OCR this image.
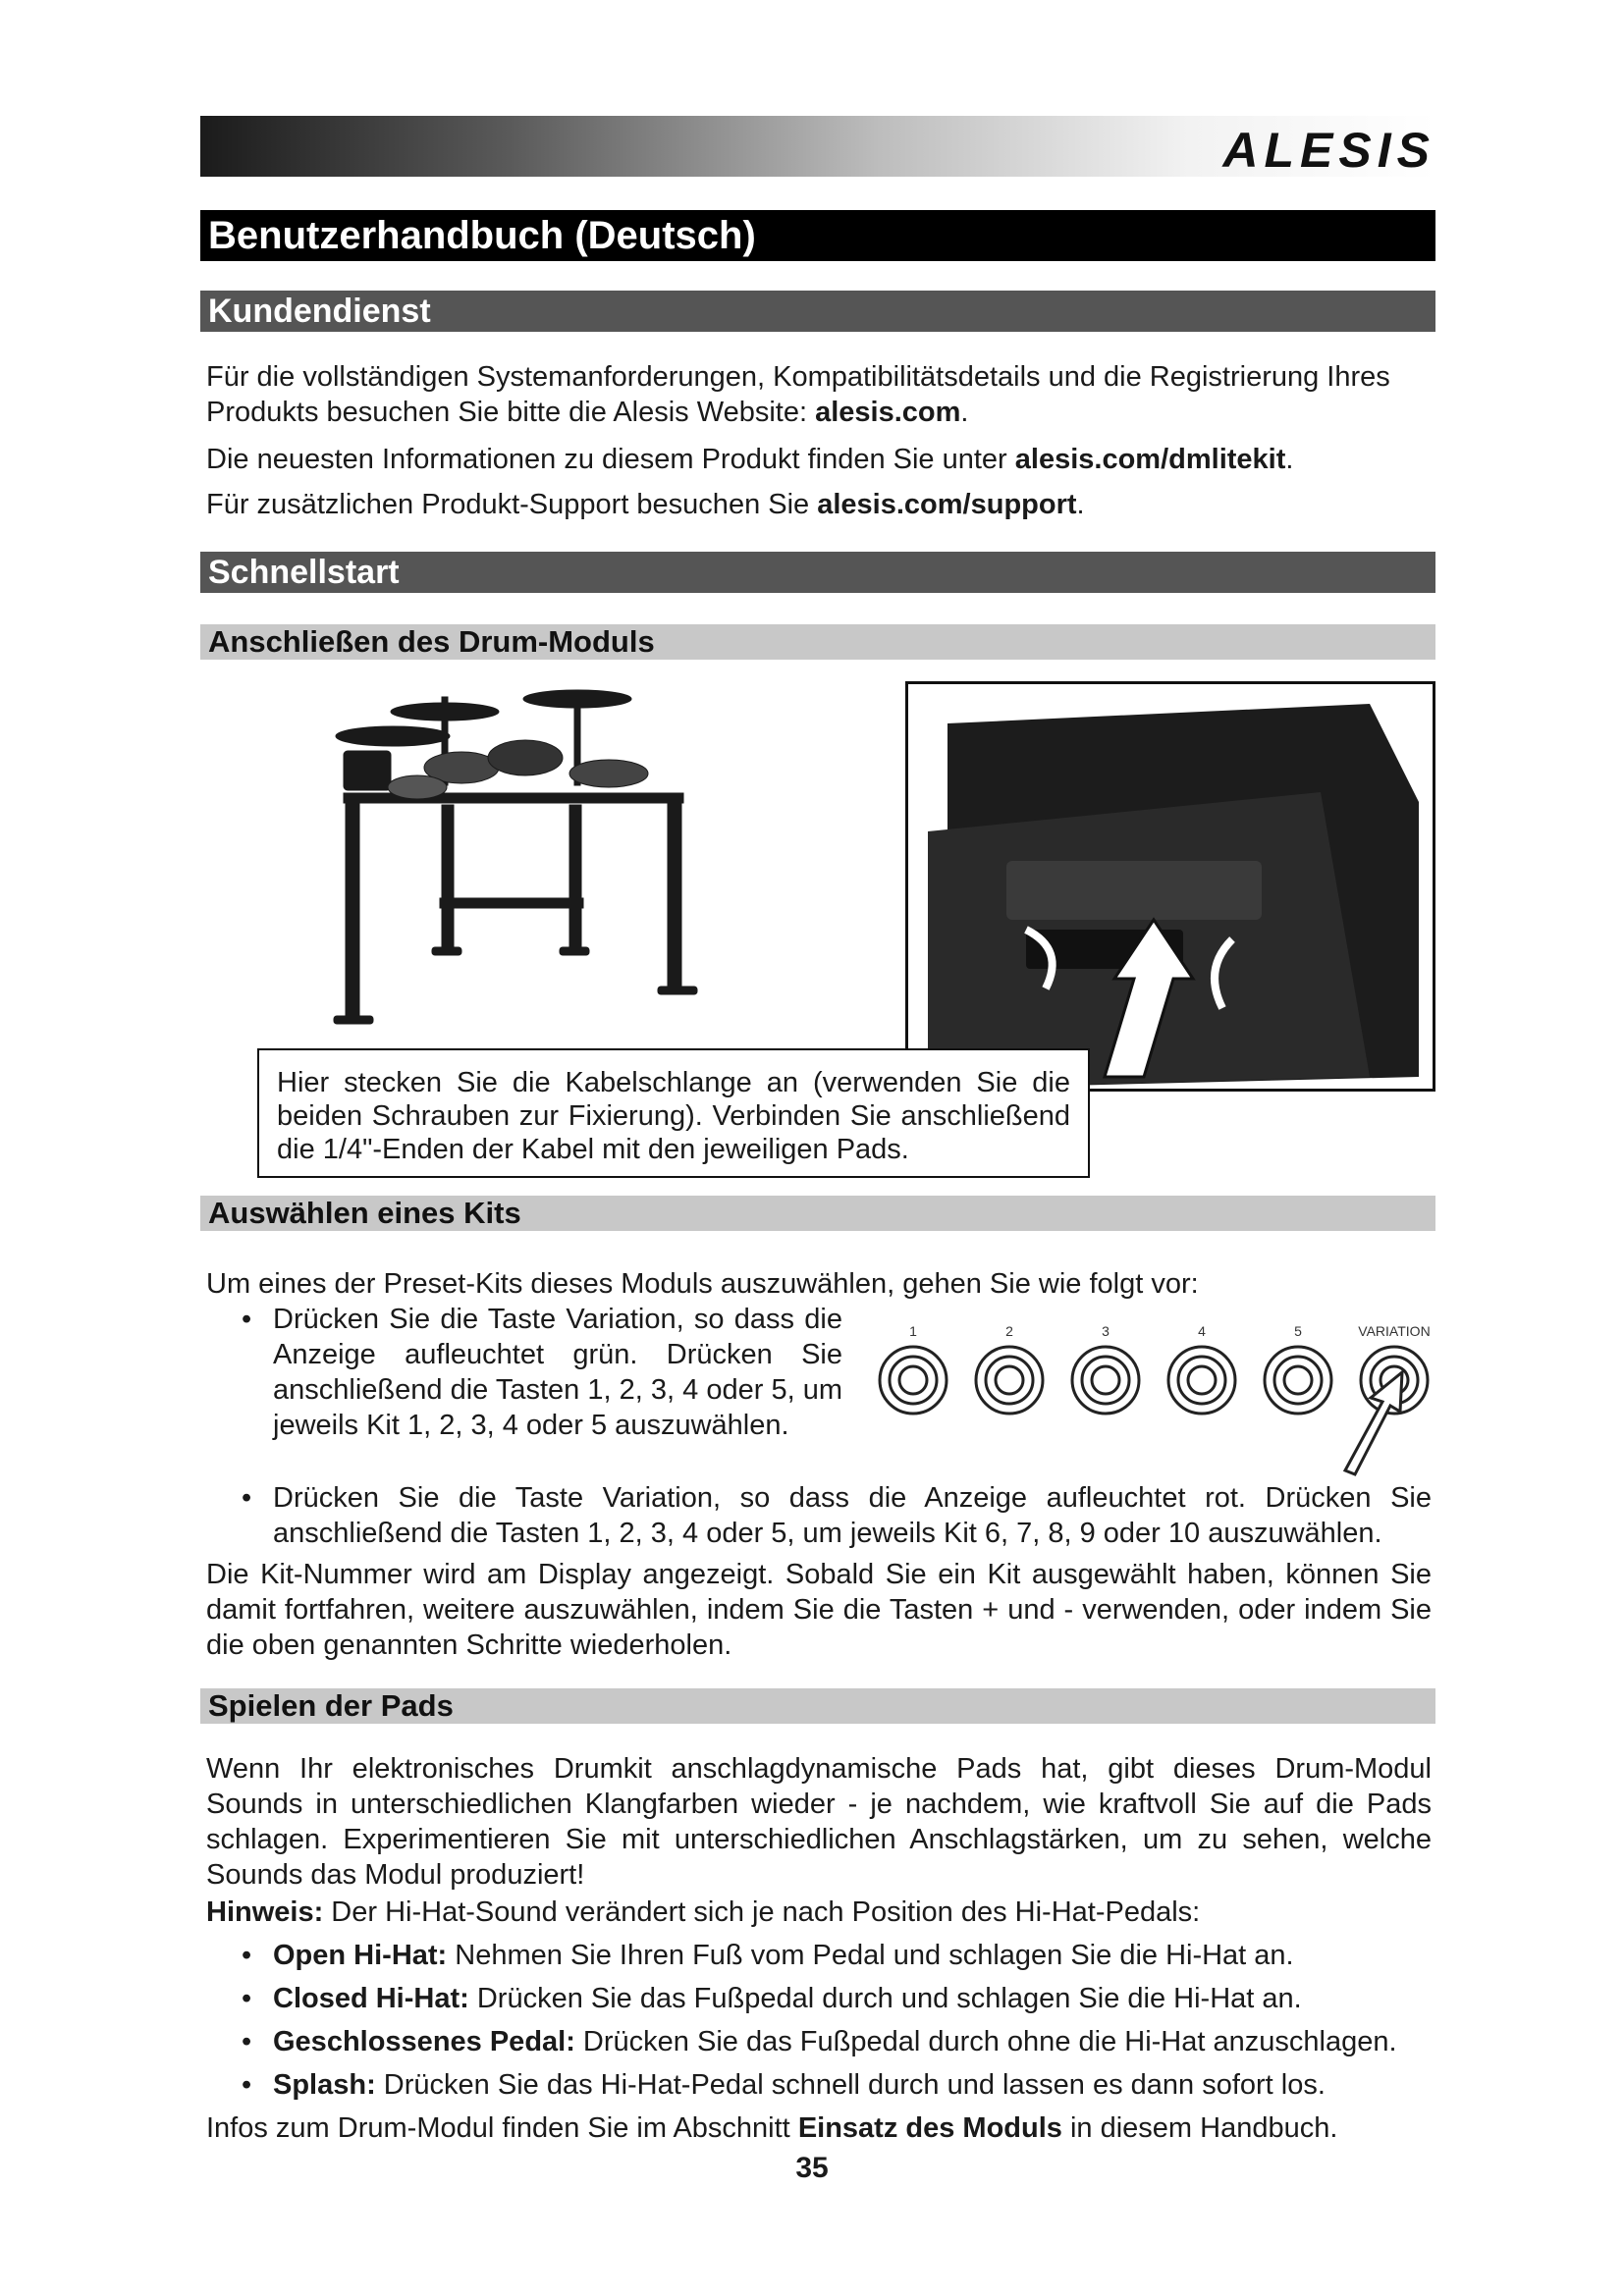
ALESIS
Benutzerhandbuch (Deutsch)
Kundendienst
Für die vollständigen Systemanforderungen, Kompatibilitätsdetails und die Registrierung Ihres
Produkts besuchen Sie bitte die Alesis Website: alesis.com.
Die neuesten Informationen zu diesem Produkt finden Sie unter alesis.com/dmlitekit.
Für zusätzlichen Produkt-Support besuchen Sie alesis.com/support.
Schnellstart
Anschließen des Drum-Moduls
Hier stecken Sie die Kabelschlange an (verwenden Sie die beiden Schrauben zur Fixierung). Verbinden Sie anschließend die 1/4"-Enden der Kabel mit den jeweiligen Pads.
Auswählen eines Kits
Um eines der Preset-Kits dieses Moduls auszuwählen, gehen Sie wie folgt vor:
• Drücken Sie die Taste Variation, so dass die Anzeige aufleuchtet grün. Drücken Sie anschließend die Tasten 1, 2, 3, 4 oder 5, um jeweils Kit 1, 2, 3, 4 oder 5 auszuwählen.
1	2	3	4	5	VARIATION
• Drücken Sie die Taste Variation, so dass die Anzeige aufleuchtet rot. Drücken Sie anschließend die Tasten 1, 2, 3, 4 oder 5, um jeweils Kit 6, 7, 8, 9 oder 10 auszuwählen.
Die Kit-Nummer wird am Display angezeigt. Sobald Sie ein Kit ausgewählt haben, können Sie damit fortfahren, weitere auszuwählen, indem Sie die Tasten + und - verwenden, oder indem Sie die oben genannten Schritte wiederholen.
Spielen der Pads
Wenn Ihr elektronisches Drumkit anschlagdynamische Pads hat, gibt dieses Drum-Modul Sounds in unterschiedlichen Klangfarben wieder - je nachdem, wie kraftvoll Sie auf die Pads schlagen. Experimentieren Sie mit unterschiedlichen Anschlagstärken, um zu sehen, welche Sounds das Modul produziert!
Hinweis: Der Hi-Hat-Sound verändert sich je nach Position des Hi-Hat-Pedals:
• Open Hi-Hat: Nehmen Sie Ihren Fuß vom Pedal und schlagen Sie die Hi-Hat an.
• Closed Hi-Hat: Drücken Sie das Fußpedal durch und schlagen Sie die Hi-Hat an.
• Geschlossenes Pedal: Drücken Sie das Fußpedal durch ohne die Hi-Hat anzuschlagen.
• Splash: Drücken Sie das Hi-Hat-Pedal schnell durch und lassen es dann sofort los.
Infos zum Drum-Modul finden Sie im Abschnitt Einsatz des Moduls in diesem Handbuch.
35
